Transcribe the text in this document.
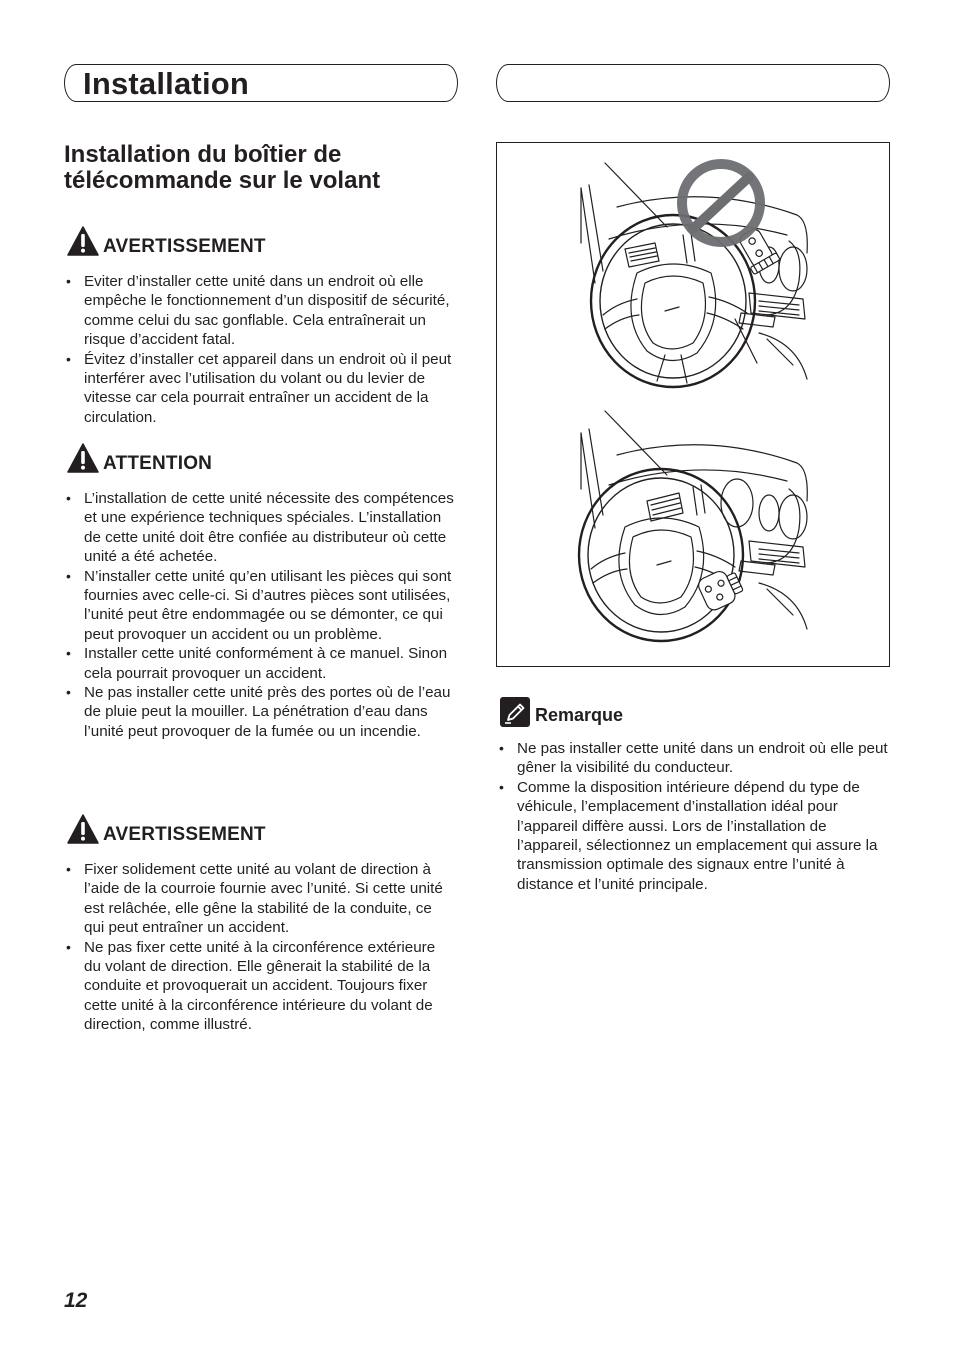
Installation
Installation du boîtier de télécommande sur le volant
AVERTISSEMENT
• Eviter d’installer cette unité dans un endroit où elle empêche le fonctionnement d’un dispositif de sécurité, comme celui du sac gonflable. Cela entraînerait un risque d’accident fatal.
• Évitez d’installer cet appareil dans un endroit où il peut interférer avec l’utilisation du volant ou du levier de vitesse car cela pourrait entraîner un accident de la circulation.
ATTENTION
• L’installation de cette unité nécessite des compétences et une expérience techniques spéciales. L’installation de cette unité doit être confiée au distributeur où cette unité a été achetée.
• N’installer cette unité qu’en utilisant les pièces qui sont fournies avec celle-ci. Si d’autres pièces sont utilisées, l’unité peut être endommagée ou se démonter, ce qui peut provoquer un accident ou un problème.
• Installer cette unité conformément à ce manuel. Sinon cela pourrait provoquer un accident.
• Ne pas installer cette unité près des portes où de l’eau de pluie peut la mouiller. La pénétration d’eau dans l’unité peut provoquer de la fumée ou un incendie.
AVERTISSEMENT
• Fixer solidement cette unité au volant de direction à l’aide de la courroie fournie avec l’unité. Si cette unité est relâchée, elle gêne la stabilité de la conduite, ce qui peut entraîner un accident.
• Ne pas fixer cette unité à la circonférence extérieure du volant de direction. Elle gênerait la stabilité de la conduite et provoquerait un accident. Toujours fixer cette unité à la circonférence intérieure du volant de direction, comme illustré.
Remarque
• Ne pas installer cette unité dans un endroit où elle peut gêner la visibilité du conducteur.
• Comme la disposition intérieure dépend du type de véhicule, l’emplacement d’installation idéal pour l’appareil diffère aussi. Lors de l’installation de l’appareil, sélectionnez un emplacement qui assure la transmission optimale des signaux entre l’unité à distance et l’unité principale.
12
